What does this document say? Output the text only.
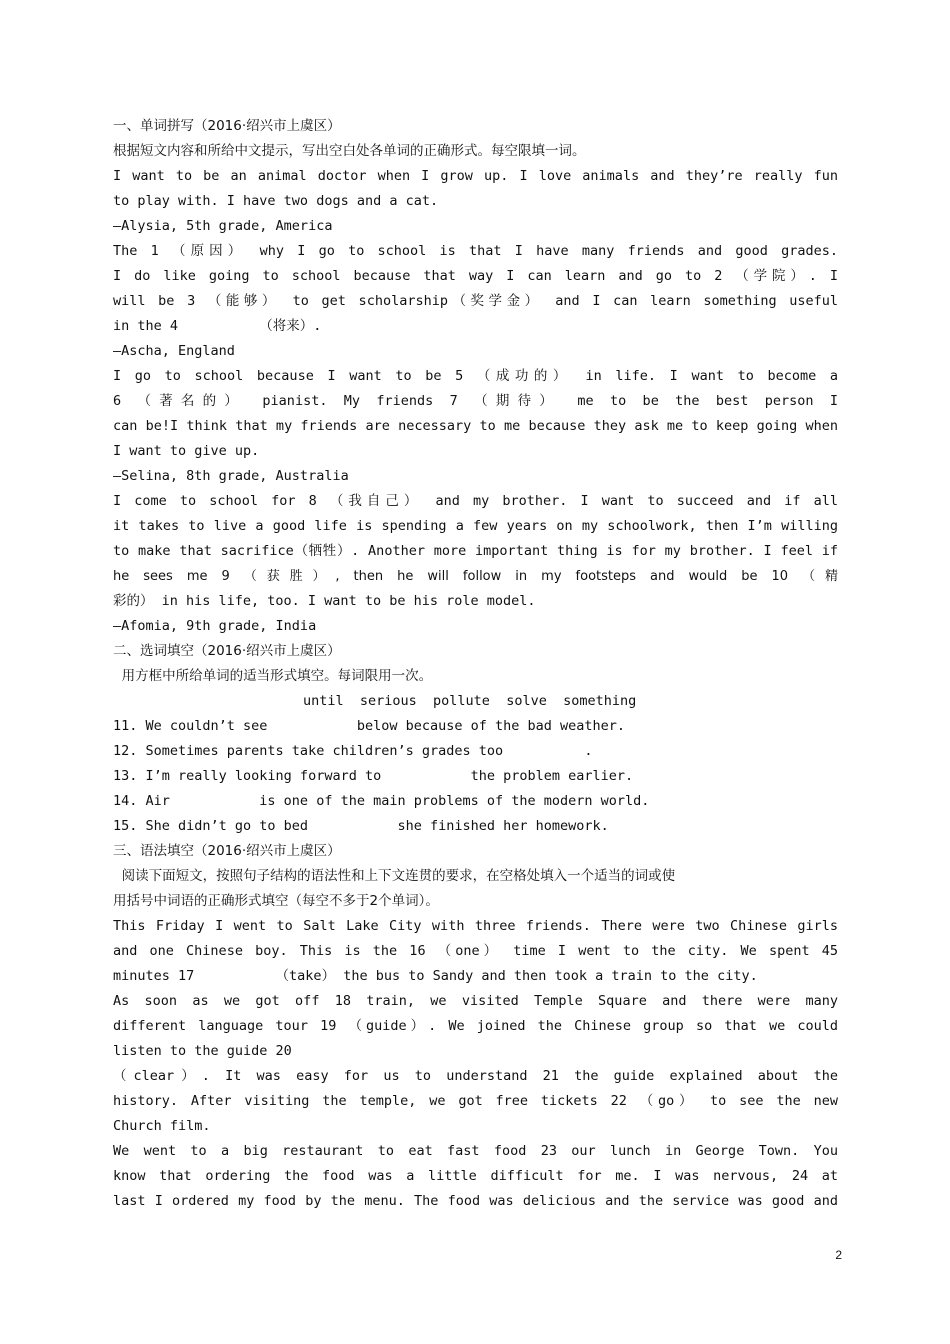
一、单词拼写（2016·绍兴市上虞区）
根据短文内容和所给中文提示，写出空白处各单词的正确形式。每空限填一词。
I want to be an animal doctor when I grow up. I love animals and they’re really fun
to play with. I have two dogs and a cat.
—Alysia, 5th grade, America
The 1 （原因） why I go to school is that I have many friends and good grades.
I do like going to school because that way I can learn and go to 2 （学院）. I
will be 3 （能够） to get scholarship（奖学金） and I can learn something useful
in the 4          （将来）.
—Ascha, England
I go to school because I want to be 5 （成功的） in life. I want to become a
6 （著名的） pianist. My friends 7 （期待） me to be the best person I
can be!I think that my friends are necessary to me because they ask me to keep going when
I want to give up.
—Selina, 8th grade, Australia
I come to school for 8 （我自己） and my brother. I want to succeed and if all
it takes to live a good life is spending a few years on my schoolwork, then I’m willing
to make that sacrifice（牺牲）. Another more important thing is for my brother. I feel if
he sees me 9 （获胜）, then he will follow in my footsteps and would be 10 （精
彩的） in his life, too. I want to be his role model.
—Afomia, 9th grade, India
二、选词填空（2016·绍兴市上虞区）
用方框中所给单词的适当形式填空。每词限用一次。
until  serious  pollute  solve  something
11. We couldn’t see           below because of the bad weather.
12. Sometimes parents take children’s grades too          .
13. I’m really looking forward to           the problem earlier.
14. Air           is one of the main problems of the modern world.
15. She didn’t go to bed           she finished her homework.
三、语法填空（2016·绍兴市上虞区）
阅读下面短文，按照句子结构的语法性和上下文连贯的要求，在空格处填入一个适当的词或使
用括号中词语的正确形式填空（每空不多于2个单词）。
This Friday I went to Salt Lake City with three friends. There were two Chinese girls
and one Chinese boy. This is the 16 （one） time I went to the city. We spent 45
minutes 17          （take） the bus to Sandy and then took a train to the city.
As soon as we got off 18 train, we visited Temple Square and there were many
different language tour 19 （guide）. We joined the Chinese group so that we could
listen to the guide 20
（clear）. It was easy for us to understand 21 the guide explained about the
history. After visiting the temple, we got free tickets 22 （go） to see the new
Church film.
We went to a big restaurant to eat fast food 23 our lunch in George Town. You
know that ordering the food was a little difficult for me. I was nervous, 24 at
last I ordered my food by the menu. The food was delicious and the service was good and
2
